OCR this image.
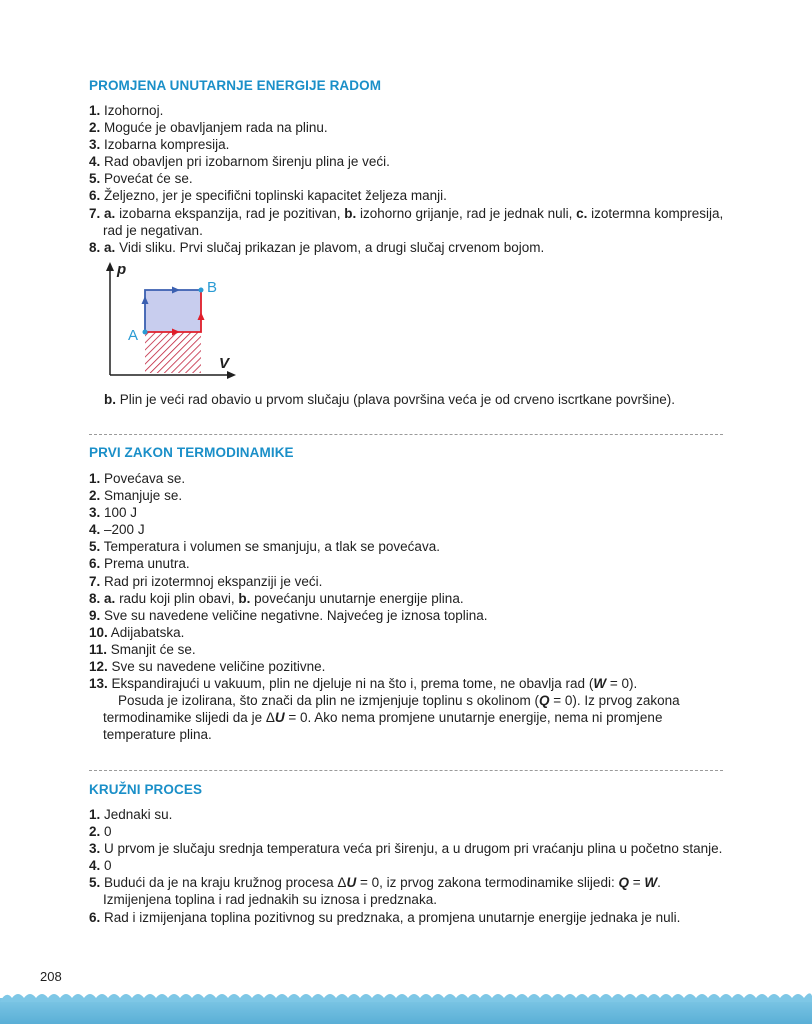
PROMJENA UNUTARNJE ENERGIJE RADOM
1. Izohornoj.
2. Moguće je obavljanjem rada na plinu.
3. Izobarna kompresija.
4. Rad obavljen pri izobarnom širenju plina je veći.
5. Povećat će se.
6. Željezno, jer je specifični toplinski kapacitet željeza manji.
7. a. izobarna ekspanzija, rad je pozitivan, b. izohorno grijanje, rad je jednak nuli, c. izotermna kompresija, rad je negativan.
8. a. Vidi sliku. Prvi slučaj prikazan je plavom, a drugi slučaj crvenom bojom.
p
V
A
B
b. Plin je veći rad obavio u prvom slučaju (plava površina veća je od crveno iscrtkane površine).
PRVI ZAKON TERMODINAMIKE
1. Povećava se.
2. Smanjuje se.
3. 100 J
4. –200 J
5. Temperatura i volumen se smanjuju, a tlak se povećava.
6. Prema unutra.
7. Rad pri izotermnoj ekspanziji je veći.
8. a. radu koji plin obavi, b. povećanju unutarnje energije plina.
9. Sve su navedene veličine negativne. Najvećeg je iznosa toplina.
10. Adijabatska.
11. Smanjit će se.
12. Sve su navedene veličine pozitivne.
13. Ekspandirajući u vakuum, plin ne djeluje ni na što i, prema tome, ne obavlja rad (W = 0).
Posuda je izolirana, što znači da plin ne izmjenjuje toplinu s okolinom (Q = 0). Iz prvog zakona termodinamike slijedi da je ΔU = 0. Ako nema promjene unutarnje energije, nema ni promjene temperature plina.
KRUŽNI PROCES
1. Jednaki su.
2. 0
3. U prvom je slučaju srednja temperatura veća pri širenju, a u drugom pri vraćanju plina u početno stanje.
4. 0
5. Budući da je na kraju kružnog procesa ΔU = 0, iz prvog zakona termodinamike slijedi: Q = W.
Izmijenjena toplina i rad jednakih su iznosa i predznaka.
6. Rad i izmijenjana toplina pozitivnog su predznaka, a promjena unutarnje energije jednaka je nuli.
208
